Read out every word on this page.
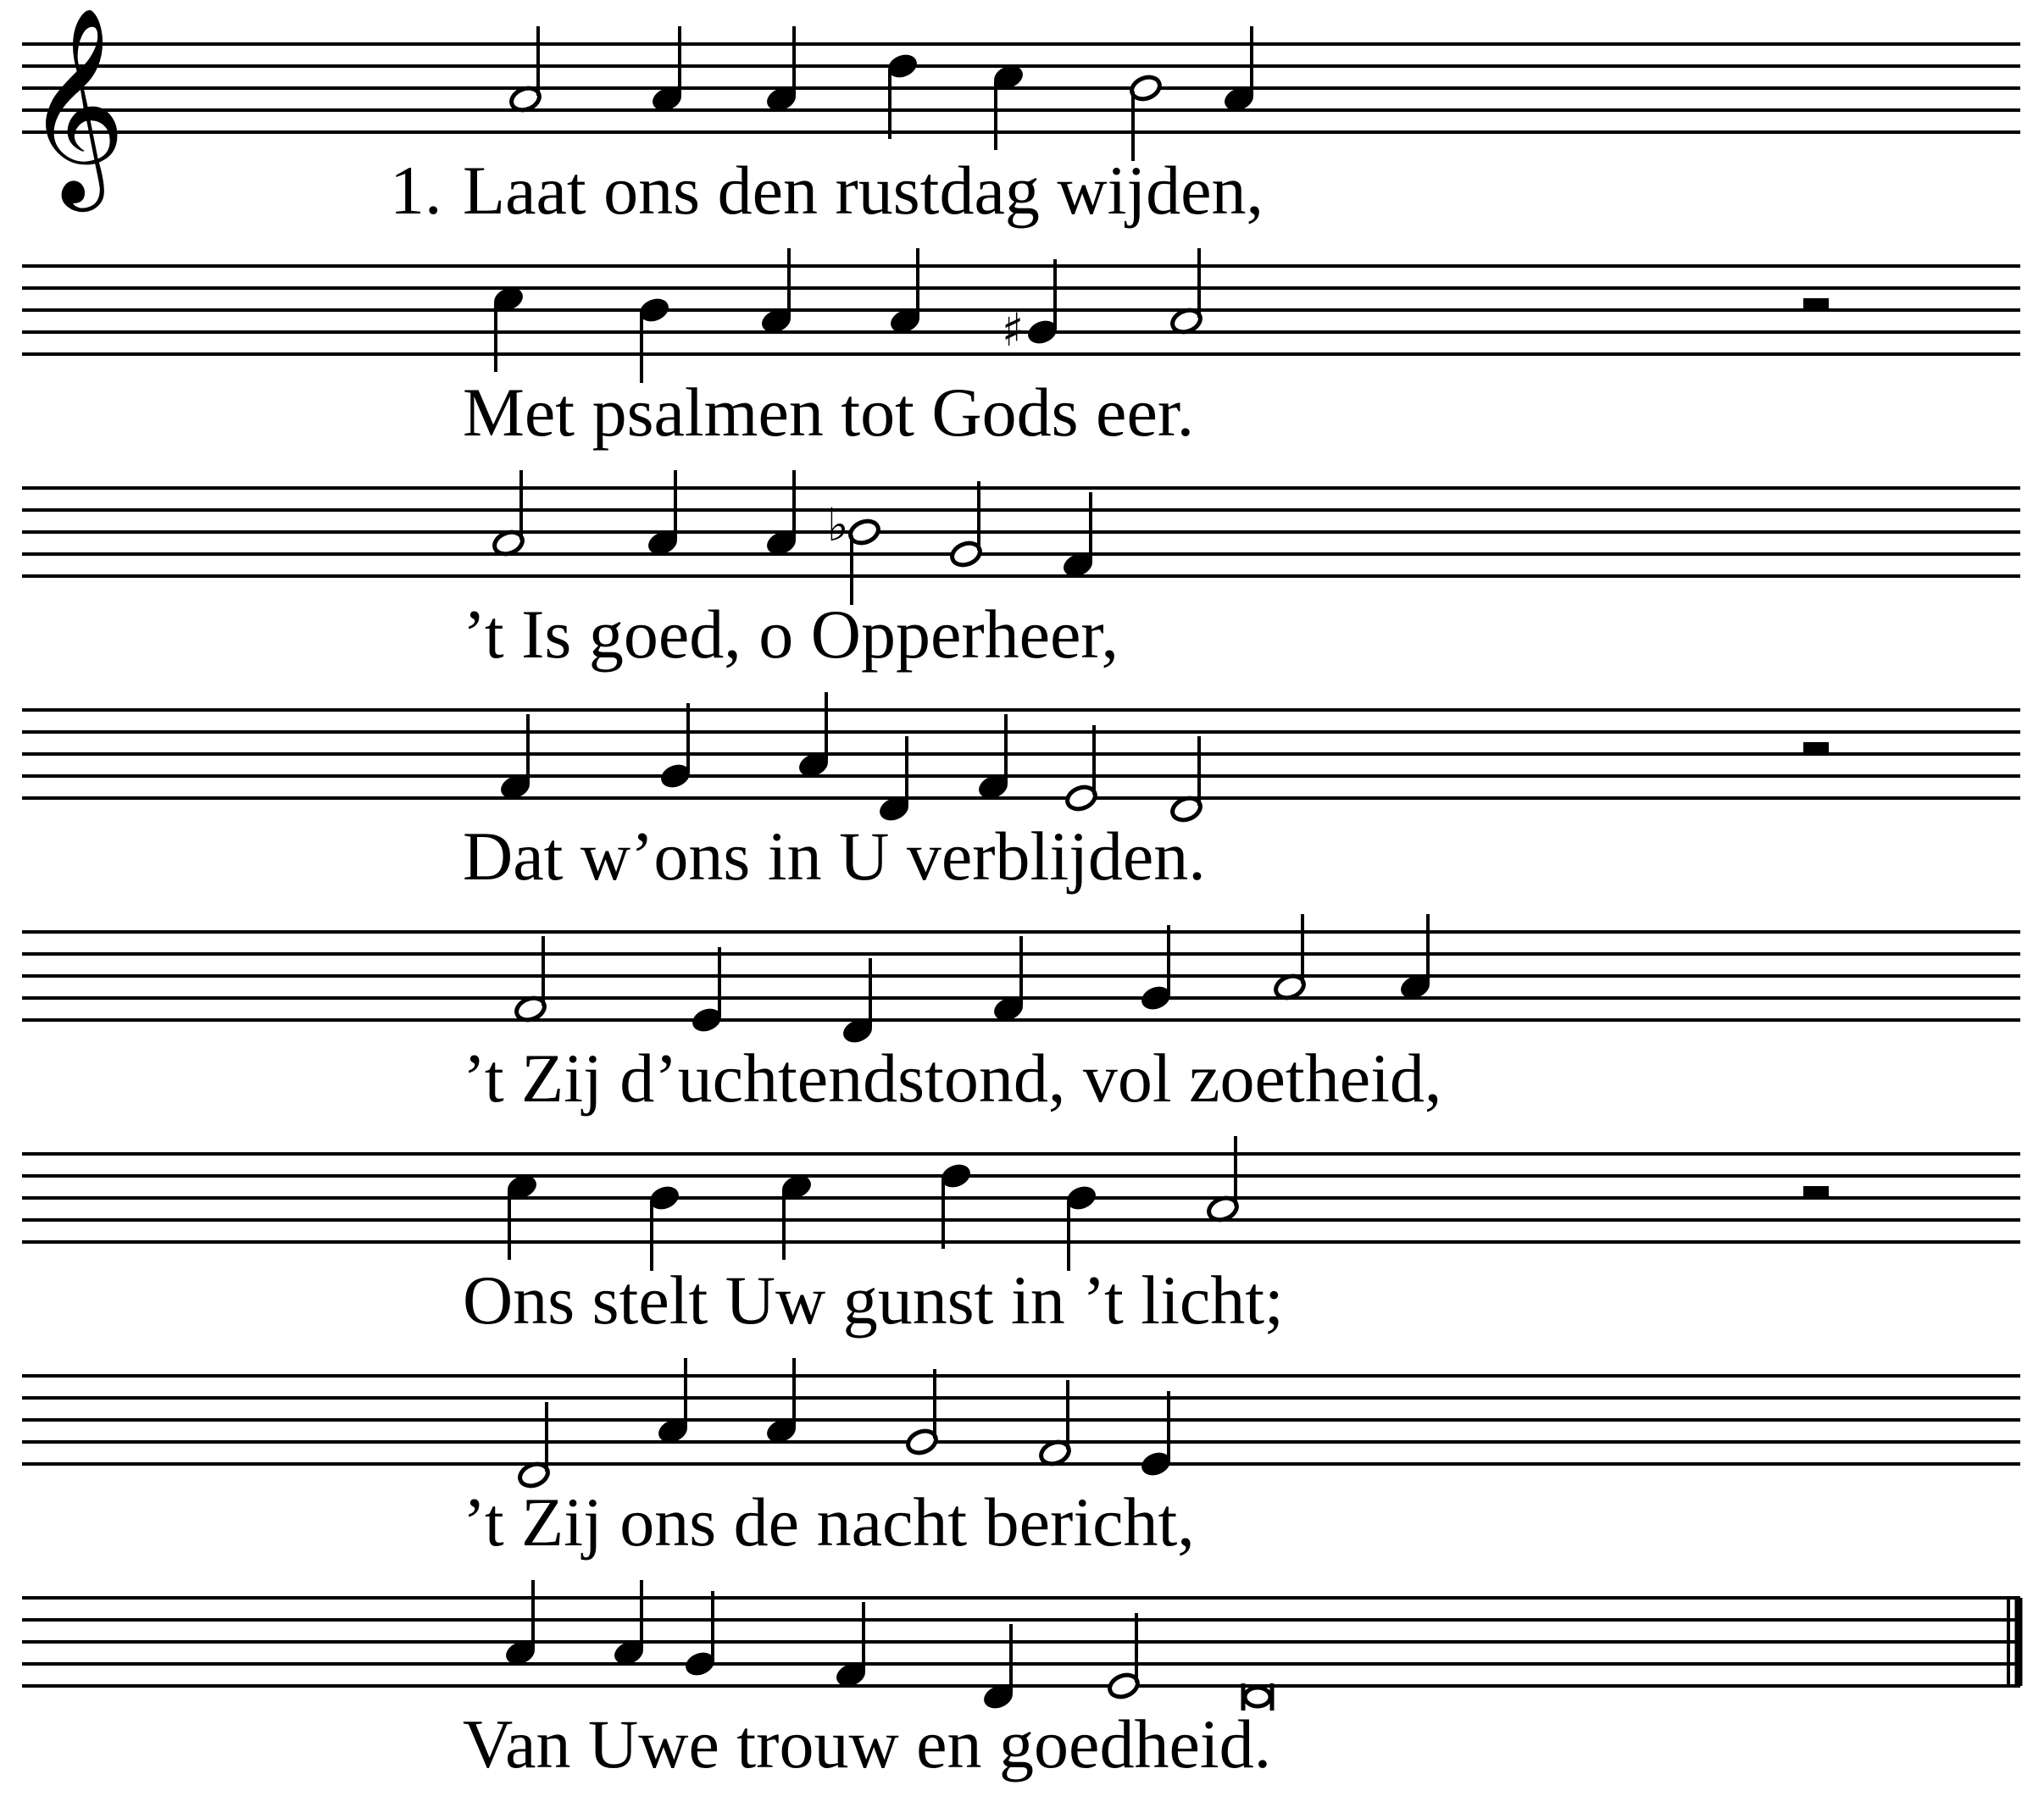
𝄞	1. Laat ons den rustdag wijden,
♯
Met psalmen tot Gods eer.
♭
’t Is goed, o Opperheer,
Dat w’ons in U verblijden.
’t Zij d’uchtendstond, vol zoetheid,
Ons stelt Uw gunst in ’t licht;
’t Zij ons de nacht bericht,
Van Uwe trouw en goedheid.
